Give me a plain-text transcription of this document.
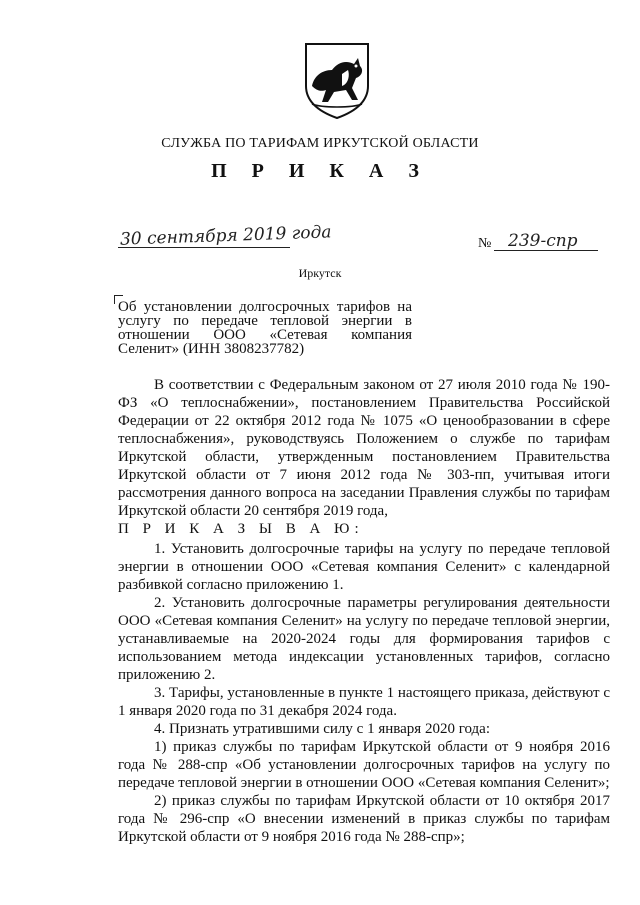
СЛУЖБА ПО ТАРИФАМ ИРКУТСКОЙ ОБЛАСТИ
П Р И К А З
30 сентября 2019 года	№ 239-спр
Иркутск
Об установлении долгосрочных тарифов на услугу по передаче тепловой энергии в отношении ООО «Сетевая компания Селенит» (ИНН 3808237782)

В соответствии с Федеральным законом от 27 июля 2010 года № 190-ФЗ «О теплоснабжении», постановлением Правительства Российской Федерации от 22 октября 2012 года № 1075 «О ценообразовании в сфере теплоснабжения», руководствуясь Положением о службе по тарифам Иркутской области, утвержденным постановлением Правительства Иркутской области от 7 июня 2012 года № 303-пп, учитывая итоги рассмотрения данного вопроса на заседании Правления службы по тарифам Иркутской области 20 сентября 2019 года,

П Р И К А З Ы В А Ю:

1. Установить долгосрочные тарифы на услугу по передаче тепловой энергии в отношении ООО «Сетевая компания Селенит» с календарной разбивкой согласно приложению 1.

2. Установить долгосрочные параметры регулирования деятельности ООО «Сетевая компания Селенит» на услугу по передаче тепловой энергии, устанавливаемые на 2020-2024 годы для формирования тарифов с использованием метода индексации установленных тарифов, согласно приложению 2.

3. Тарифы, установленные в пункте 1 настоящего приказа, действуют с 1 января 2020 года по 31 декабря 2024 года.

4. Признать утратившими силу с 1 января 2020 года:

1) приказ службы по тарифам Иркутской области от 9 ноября 2016 года № 288-спр «Об установлении долгосрочных тарифов на услугу по передаче тепловой энергии в отношении ООО «Сетевая компания Селенит»;

2) приказ службы по тарифам Иркутской области от 10 октября 2017 года № 296-спр «О внесении изменений в приказ службы по тарифам Иркутской области от 9 ноября 2016 года № 288-спр»;
